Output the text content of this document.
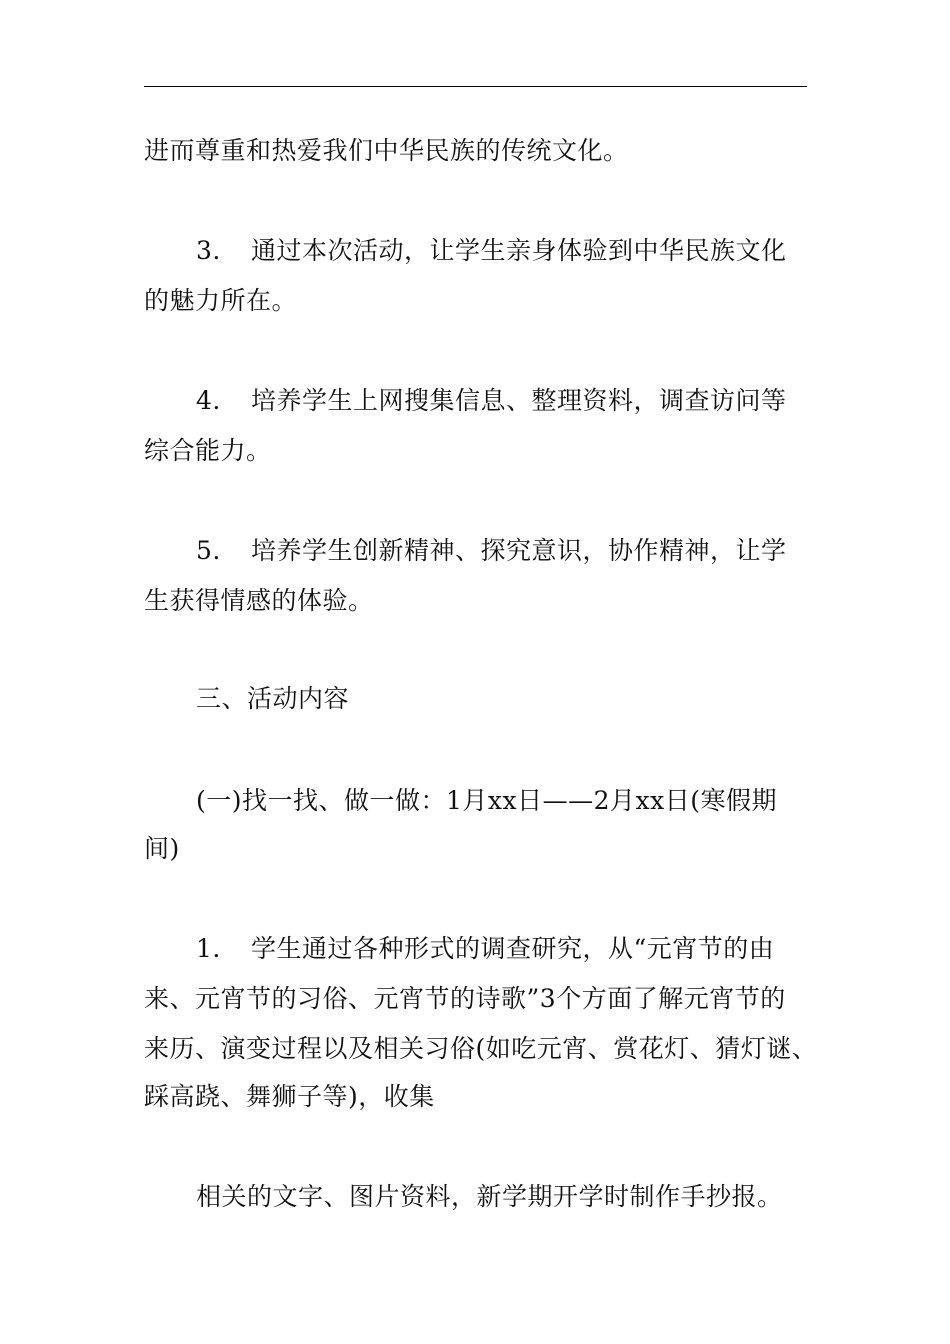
进而尊重和热爱我们中华民族的传统文化。
3. 通过本次活动，让学生亲身体验到中华民族文化
的魅力所在。
4. 培养学生上网搜集信息、整理资料，调查访问等
综合能力。
5. 培养学生创新精神、探究意识，协作精神，让学
生获得情感的体验。
三、活动内容
(一)找一找、做一做：1月xx日——2月xx日(寒假期
间)
1. 学生通过各种形式的调查研究，从“元宵节的由
来、元宵节的习俗、元宵节的诗歌”3个方面了解元宵节的
来历、演变过程以及相关习俗(如吃元宵、赏花灯、猜灯谜、
踩高跷、舞狮子等)，收集
相关的文字、图片资料，新学期开学时制作手抄报。
